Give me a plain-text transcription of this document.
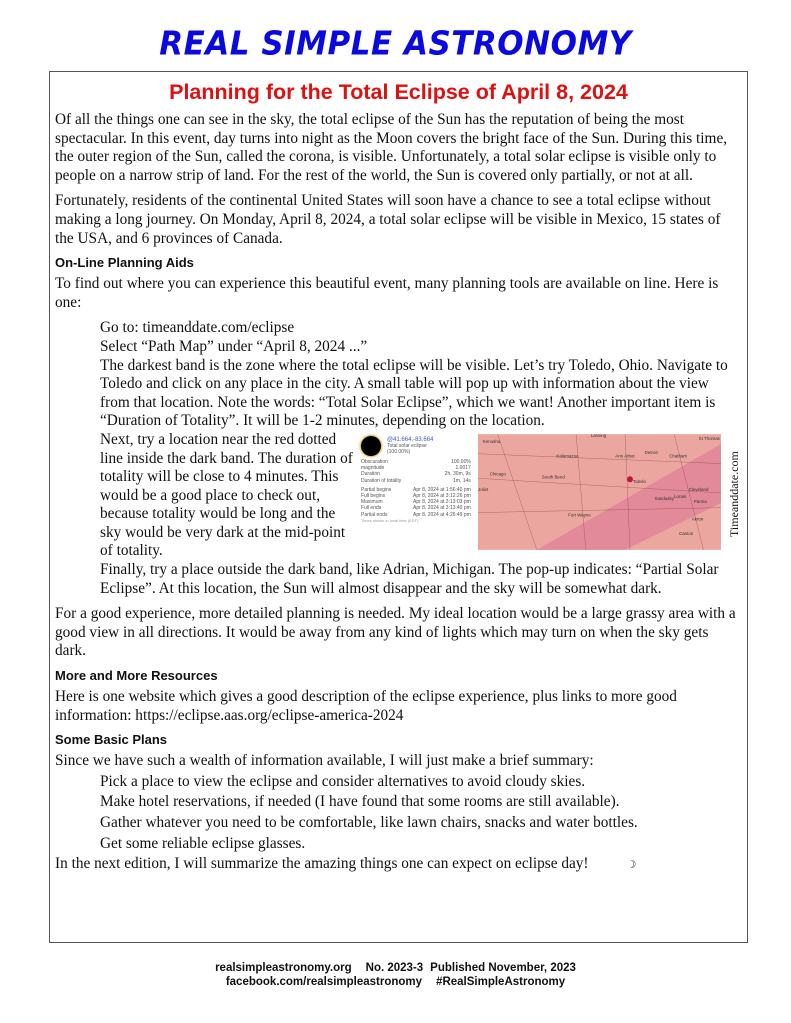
REAL SIMPLE ASTRONOMY
Planning for the Total Eclipse of April 8, 2024

Of all the things one can see in the sky, the total eclipse of the Sun has the reputation of being the most spectacular. In this event, day turns into night as the Moon covers the bright face of the Sun. During this time, the outer region of the Sun, called the corona, is visible. Unfortunately, a total solar eclipse is visible only to people on a narrow strip of land. For the rest of the world, the Sun is covered only partially, or not at all.

Fortunately, residents of the continental United States will soon have a chance to see a total eclipse without making a long journey. On Monday, April 8, 2024, a total solar eclipse will be visible in Mexico, 15 states of the USA, and 6 provinces of Canada.

On-Line Planning Aids

To find out where you can experience this beautiful event, many planning tools are available on line. Here is one:

Go to: timeanddate.com/eclipse

Select “Path Map” under “April 8, 2024 ...”

The darkest band is the zone where the total eclipse will be visible. Let’s try Toledo, Ohio. Navigate to Toledo and click on any place in the city. A small table will pop up with information about the view from that location. Note the words: “Total Solar Eclipse”, which we want! Another important item is “Duration of Totality”. It will be 1-2 minutes, depending on the location.

Next, try a location near the red dotted line inside the dark band. The duration of totality will be close to 4 minutes. This would be a good place to check out, because totality would be long and the sky would be very dark at the mid-point of totality.
@41.664,-83.664
Total solar eclipse
(100.00%)
Obscuration	100.00%
magnitude	1.0017
Duration	2h, 30m, 9s
Duration of totality	1m, 14s
Partial begins	Apr 8, 2024 at 1:56:40 pm
Full begins	Apr 8, 2024 at 3:12:26 pm
Maximum	Apr 8, 2024 at 3:13:03 pm
Full ends	Apr 8, 2024 at 3:13:40 pm
Partial ends	Apr 8, 2024 at 4:26:49 pm
Times shown in local time (EDT)
Kenosha
Lansing
St Thomas
Kalamazoo	Ann Arbor
Detroit
Chatham
Chicago
South Bend
Toledo
Joliet
Sandusky Lorain
Cleveland
Parma
Fort Wayne
Akron
Canton	Timeanddate.com

Finally, try a place outside the dark band, like Adrian, Michigan. The pop-up indicates: “Partial Solar Eclipse”. At this location, the Sun will almost disappear and the sky will be somewhat dark.

For a good experience, more detailed planning is needed. My ideal location would be a large grassy area with a good view in all directions. It would be away from any kind of lights which may turn on when the sky gets dark.

More and More Resources

Here is one website which gives a good description of the eclipse experience, plus links to more good information: https://eclipse.aas.org/eclipse-america-2024

Some Basic Plans

Since we have such a wealth of information available, I will just make a brief summary:

Pick a place to view the eclipse and consider alternatives to avoid cloudy skies.

Make hotel reservations, if needed (I have found that some rooms are still available).

Gather whatever you need to be comfortable, like lawn chairs, snacks and water bottles.

Get some reliable eclipse glasses.

In the next edition, I will summarize the amazing things one can expect on eclipse day!	☽

realsimpleastronomy.org No. 2023-3 Published November, 2023
facebook.com/realsimpleastronomy #RealSimpleAstronomy
